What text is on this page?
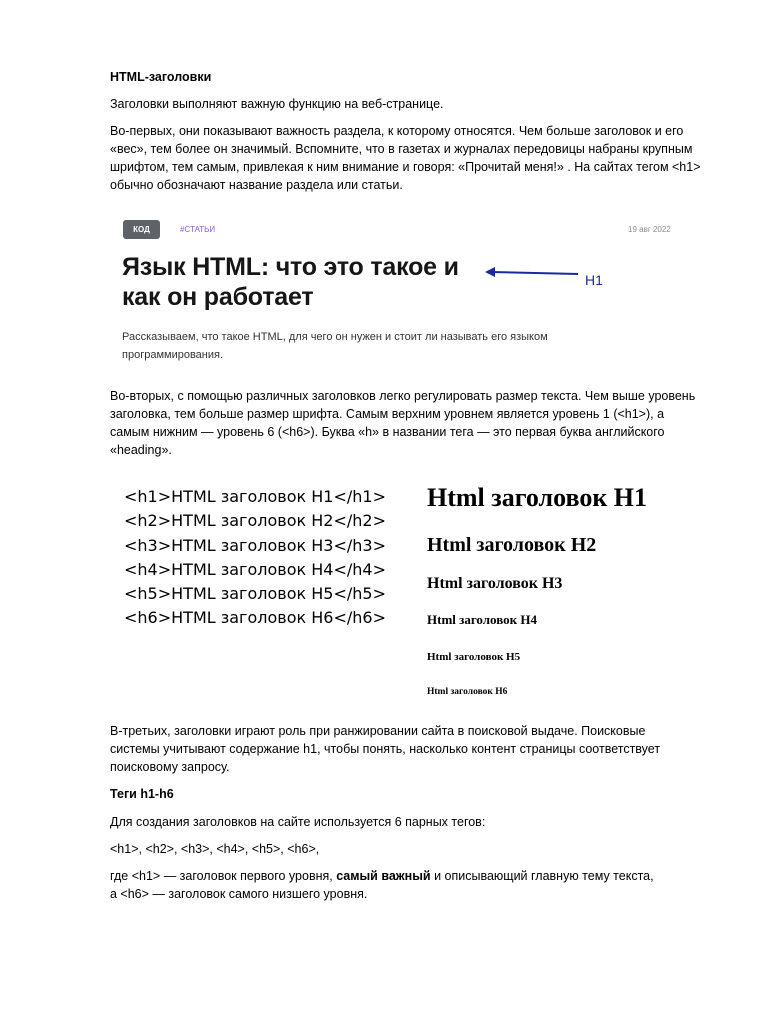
HTML-заголовки
Заголовки выполняют важную функцию на веб-странице.
Во-первых, они показывают важность раздела, к которому относятся. Чем больше заголовок и его «вес», тем более он значимый. Вспомните, что в газетах и журналах передовицы набраны крупным шрифтом, тем самым, привлекая к ним внимание и говоря: «Прочитай меня!» . На сайтах тегом <h1> обычно обозначают название раздела или статьи.
КОД	#СТАТЬИ	19 авг 2022
Язык HTML: что это такое и как он работает
Рассказываем, что такое HTML, для чего он нужен и стоит ли называть его языком программирования.
H1
Во-вторых, с помощью различных заголовков легко регулировать размер текста. Чем выше уровень заголовка, тем больше размер шрифта. Самым верхним уровнем является уровень 1 (<h1>), а самым нижним — уровень 6 (<h6>). Буква «h» в названии тега — это первая буква английского «heading».
<h1>HTML заголовок H1</h1>
<h2>HTML заголовок H2</h2>
<h3>HTML заголовок H3</h3>
<h4>HTML заголовок H4</h4>
<h5>HTML заголовок H5</h5>
<h6>HTML заголовок H6</h6>
Html заголовок H1
Html заголовок H2
Html заголовок H3
Html заголовок H4
Html заголовок H5
Html заголовок H6
В-третьих, заголовки играют роль при ранжировании сайта в поисковой выдаче. Поисковые системы учитывают содержание h1, чтобы понять, насколько контент страницы соответствует поисковому запросу.
Теги h1-h6
Для создания заголовков на сайте используется 6 парных тегов:
<h1>, <h2>, <h3>, <h4>, <h5>, <h6>,
где <h1> — заголовок первого уровня, самый важный и описывающий главную тему текста,
а <h6> — заголовок самого низшего уровня.
